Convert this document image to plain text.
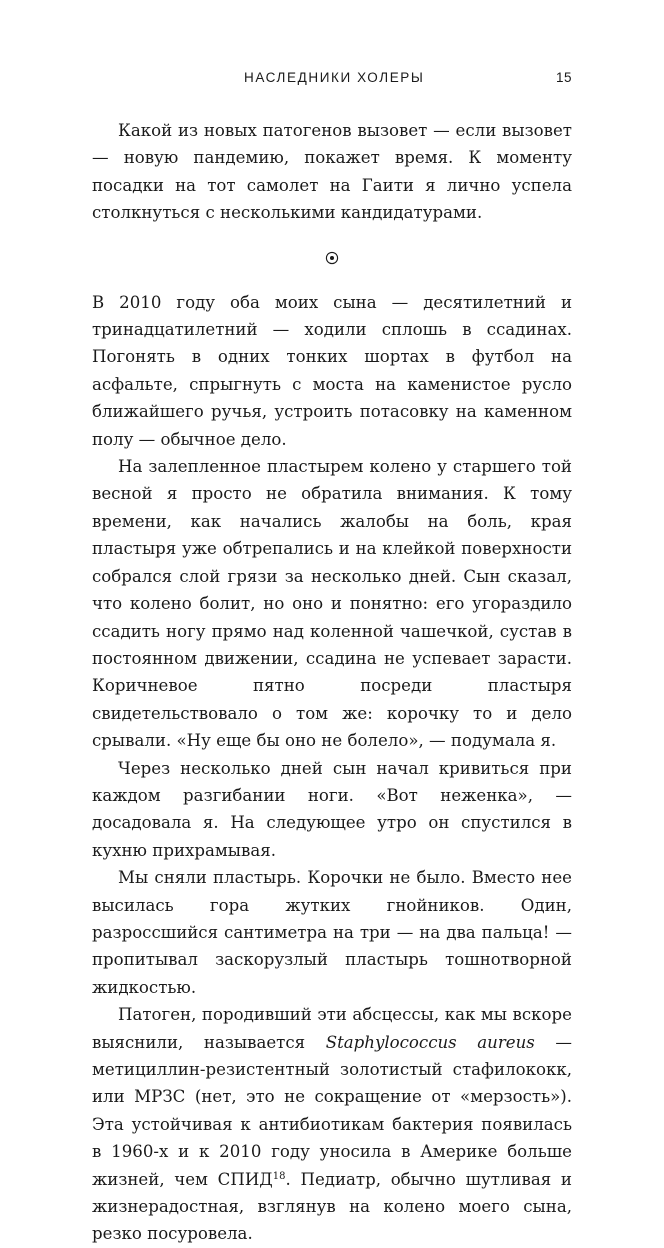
НАСЛЕДНИКИ ХОЛЕРЫ	15

Какой из новых патогенов вызовет — если вызовет — новую пандемию, покажет время. К моменту посадки на тот самолет на Гаити я лично успела столкнуться с несколькими кандидатурами.

В 2010 году оба моих сына — десятилетний и тринадцатилетний — ходили сплошь в ссадинах. Погонять в одних тонких шортах в футбол на асфальте, спрыгнуть с моста на каменистое русло ближайшего ручья, устроить потасовку на каменном полу — обычное дело.

На залепленное пластырем колено у старшего той весной я просто не обратила внимания. К тому времени, как начались жалобы на боль, края пластыря уже обтрепались и на клейкой поверхности собрался слой грязи за несколько дней. Сын сказал, что колено болит, но оно и понятно: его угораздило ссадить ногу прямо над коленной чашечкой, сустав в постоянном движении, ссадина не успевает зарасти. Коричневое пятно посреди пластыря свидетельствовало о том же: корочку то и дело срывали. «Ну еще бы оно не болело», — подумала я.

Через несколько дней сын начал кривиться при каждом разгибании ноги. «Вот неженка», — досадовала я. На следующее утро он спустился в кухню прихрамывая.

Мы сняли пластырь. Корочки не было. Вместо нее высилась гора жутких гнойников. Один, разроссшийся сантиметра на три — на два пальца! — пропитывал заскорузлый пластырь тошнотворной жидкостью.

Патоген, породивший эти абсцессы, как мы вскоре выяснили, называется Staphylococcus aureus — метициллин-резистентный золотистый стафилококк, или МРЗС (нет, это не сокращение от «мерзость»). Эта устойчивая к антибиотикам бактерия появилась в 1960-х и к 2010 году уносила в Америке больше жизней, чем СПИД$^{18}$. Педиатр, обычно шутливая и жизнерадостная, взглянув на колено моего сына, резко посуровела.
